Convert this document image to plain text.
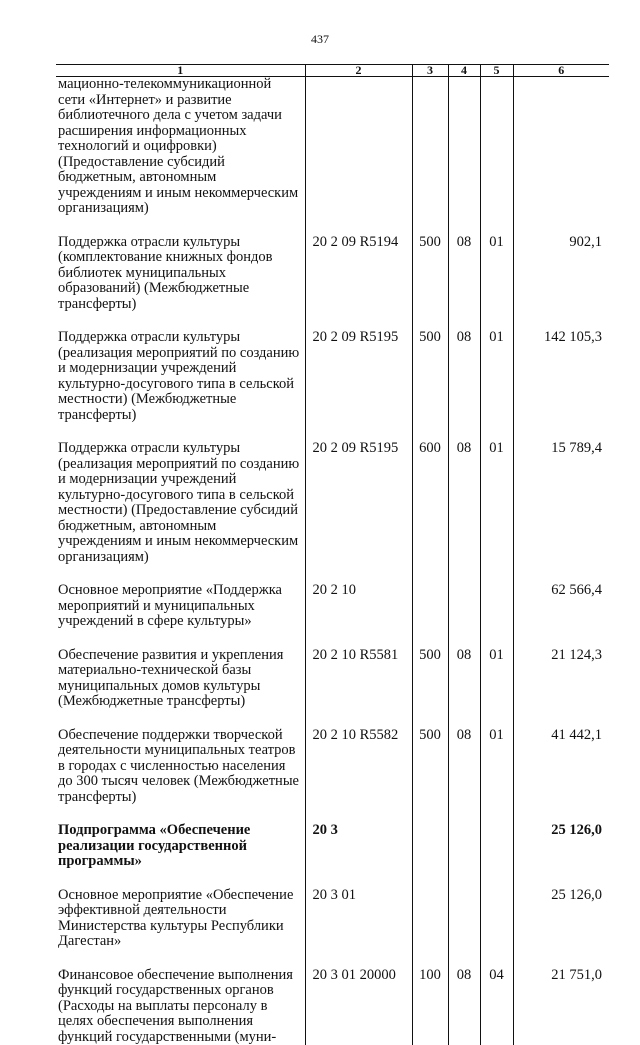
437
1	2	3	4	5	6
мационно-телекоммуникационной сети «Интернет» и развитие библиотечного дела с учетом задачи расширения информационных технологий и оцифровки) (Предоставление субсидий бюджетным, автономным учреждениям и иным некоммерческим организациям)					
Поддержка отрасли культуры (комплектование книжных фондов библиотек муниципальных образований) (Межбюджетные трансферты)	20 2 09 R5194	500	08	01	902,1
Поддержка отрасли культуры (реализация мероприятий по созданию и модернизации учреждений культурно-досугового типа в сельской местности) (Межбюджетные трансферты)	20 2 09 R5195	500	08	01	142 105,3
Поддержка отрасли культуры (реализация мероприятий по созданию и модернизации учреждений культурно-досугового типа в сельской местности) (Предоставление субсидий бюджетным, автономным учреждениям и иным некоммерческим организациям)	20 2 09 R5195	600	08	01	15 789,4
Основное мероприятие «Поддержка мероприятий и муниципальных учреждений в сфере культуры»	20 2 10				62 566,4
Обеспечение развития и укрепления материально-технической базы муниципальных домов культуры (Межбюджетные трансферты)	20 2 10 R5581	500	08	01	21 124,3
Обеспечение поддержки творческой деятельности муниципальных театров в городах с численностью населения до 300 тысяч человек (Межбюджетные трансферты)	20 2 10 R5582	500	08	01	41 442,1
Подпрограмма «Обеспечение реализации государственной программы»	20 3				25 126,0
Основное мероприятие «Обеспечение эффективной деятельности Министерства культуры Республики Дагестан»	20 3 01				25 126,0
Финансовое обеспечение выполнения функций государственных органов (Расходы на выплаты персоналу в целях обеспечения выполнения функций государственными (муни-	20 3 01 20000	100	08	04	21 751,0
